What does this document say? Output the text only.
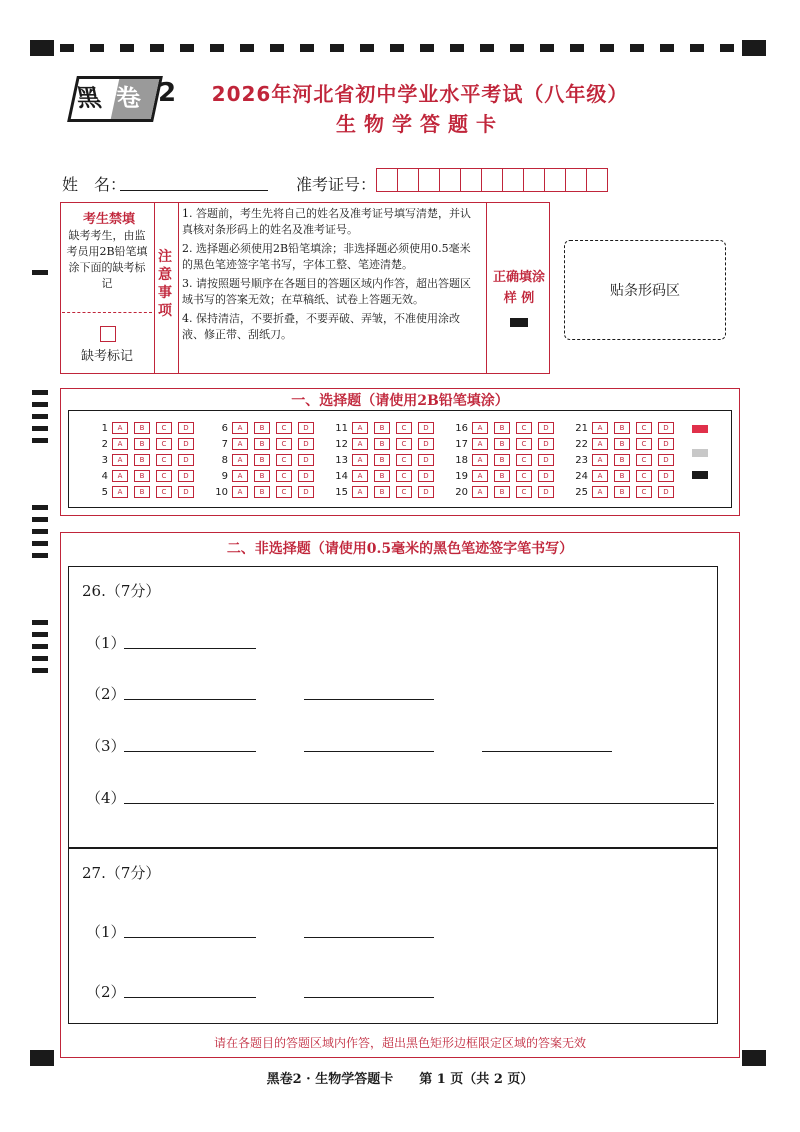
黑 卷 2	2026年河北省初中学业水平考试（八年级）
生物学答题卡
姓　名：	准考证号：
考生禁填
缺考考生，由监考员用2B铅笔填涂下面的缺考标记
缺考标记
注意事项
1. 答题前，考生先将自己的姓名及准考证号填写清楚，并认真核对条形码上的姓名及准考证号。
2. 选择题必须使用2B铅笔填涂；非选择题必须使用0.5毫米的黑色笔迹签字笔书写，字体工整、笔迹清楚。
3. 请按照题号顺序在各题目的答题区域内作答，超出答题区域书写的答案无效；在草稿纸、试卷上答题无效。
4. 保持清洁，不要折叠，不要弄破、弄皱，不准使用涂改液、修正带、刮纸刀。
正确填涂
样 例	贴条形码区
一、选择题（请使用2B铅笔填涂）
1	A	B	C	D
2	A	B	C	D
3	A	B	C	D
4	A	B	C	D
5	A	B	C	D
6	A	B	C	D
7	A	B	C	D
8	A	B	C	D
9	A	B	C	D
10	A	B	C	D
11	A	B	C	D
12	A	B	C	D
13	A	B	C	D
14	A	B	C	D
15	A	B	C	D
16	A	B	C	D
17	A	B	C	D
18	A	B	C	D
19	A	B	C	D
20	A	B	C	D
21	A	B	C	D
22	A	B	C	D
23	A	B	C	D
24	A	B	C	D
25	A	B	C	D
二、非选择题（请使用0.5毫米的黑色笔迹签字笔书写）
26.（7分）
（1）
（2）
（3）
（4）
27.（7分）
（1）
（2）
请在各题目的答题区域内作答，超出黑色矩形边框限定区域的答案无效
黑卷2 · 生物学答题卡　　第 1 页（共 2 页）
